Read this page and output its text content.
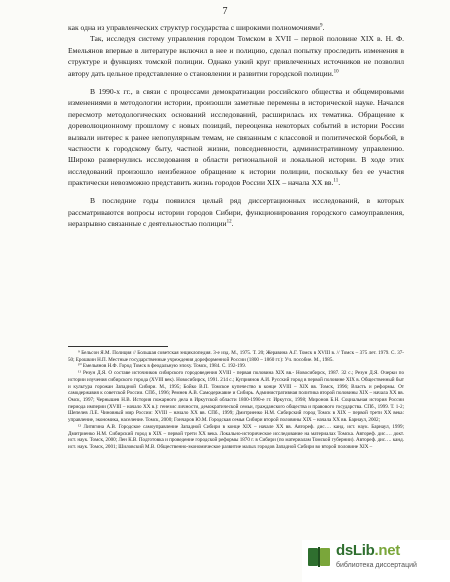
7

как одна из управленческих структур государства с широкими полномочиями$^9$.

Так, исследуя систему управления городом Томском в XVII – первой половине XIX в. Н. Ф. Емельянов впервые в литературе включил в нее и полицию, сделал попытку проследить изменения в структуре и функциях томской полиции. Однако узкий круг привлеченных источников не позволил автору дать цельное представление о становлении и развитии городской полиции.$^{10}$

В 1990-х гг., в связи с процессами демократизации российского общества и общемировыми изменениями в методологии истории, произошли заметные перемены в исторической науке. Начался пересмотр методологических оснований исследований, расширилась их тематика. Обращение к дореволюционному прошлому с новых позиций, переоценка некоторых событий в истории России вызвали интерес к ранее непопулярным темам, не связанным с классовой и политической борьбой, в частности к городскому быту, частной жизни, повседневности, административному управлению. Широко развернулись исследования в области региональной и локальной истории. В ходе этих исследований произошло неизбежное обращение к истории полиции, поскольку без ее участия практически невозможно представить жизнь городов России XIX – начала XX вв.$^{11}$.

В последние годы появился целый ряд диссертационных исследований, в которых рассматриваются вопросы истории городов Сибири, функционирования городского самоуправления, неразрывно связанные с деятельностью полиции$^{12}$.

⁹ Бельсон Я.М. Полиция // Большая советская энциклопедия. 3-е изд. М., 1975. Т. 20; Жеравина А.Г. Томск в XVIII в. // Томск – 375 лет. 1979. С. 37-50; Ерошкин Н.П. Местные государственные учреждения дореформенной России (1800 – 1860 гг.): Уч. пособие. М., 1985.

¹⁰ Емельянов Н.Ф. Город Томск в феодальную эпоху. Томск, 1984. С. 192-199.

¹¹ Резун Д.Я. О составе источников сибирского городоведения XVIII - первая половина XIX вв.- Новосибирск, 1987. 32 с.; Резун Д.Я. Очерки по истории изучения сибирского города (XVIII век). Новосибирск, 1991. 214 с.; Куприянов А.И. Русский город в первой половине XIX в. Общественный быт и культура горожан Западной Сибири. М., 1995; Бойко В.П. Томское купечество в конце XVIII – XIX вв. Томск, 1996; Власть и реформы. От самодержавия к советской России. СПб., 1996; Ремнев А.В. Самодержавие и Сибирь. Административная политика второй половины XIX – начала XX вв. Омск, 1997; Чернышев Н.В. История пожарного дела в Иркутской области 1800-1990-е гг. Иркутск, 1998; Миронов Б.Н. Социальная история России периода империи (XVIII – начало XX в.): генезис личности, демократической семьи, гражданского общества и правового государства. СПб., 1999. Т. 1-2; Шепелев Л.Е. Чиновный мир России: XVIII – начало XX вв. СПб., 1999; Дмитриенко Н.М. Сибирский город Томск в XIX – первой трети XX века: управление, экономика, население. Томск, 2000; Гончаров Ю.М. Городская семья Сибири второй половины XIX – начала XX вв. Барнаул, 2002;

¹² Литягина А.В. Городское самоуправление Западной Сибири в конце XIX – начале XX вв. Автореф. дис…. канд. ист. наук. Барнаул, 1999; Дмитриенко Н.М. Сибирский город в XIX – первой трети XX века. Локально-историческое исследование на материалах Томска. Автореф. дис…. докт. ист. наук. Томск, 2000; Лен К.В. Подготовка и проведение городской реформы 1870 г. в Сибири (по материалам Томской губернии). Автореф. дис…. канд. ист. наук. Томск, 2001; Шиловский М.В. Общественно-экономическое развитие малых городов Западной Сибири во второй половине XIX –

dsLib.net
библиотека диссертаций
